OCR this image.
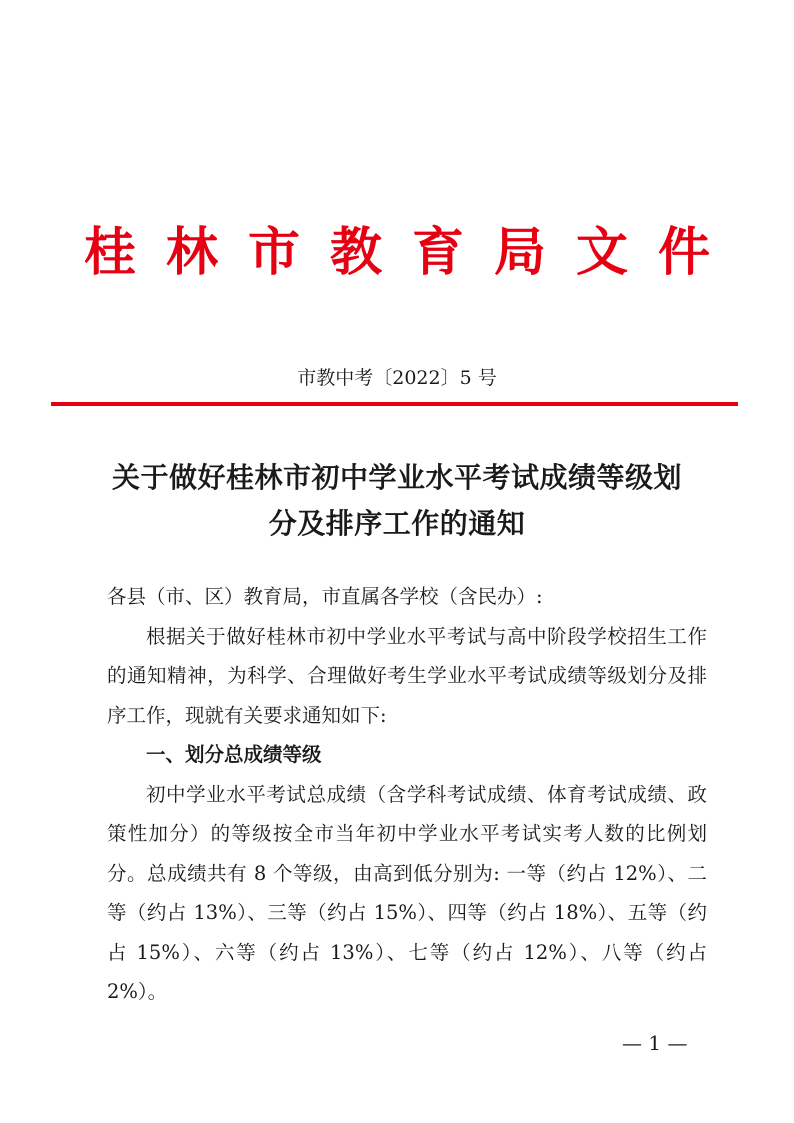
桂林市教育局文件
市教中考〔2022〕5 号
关于做好桂林市初中学业水平考试成绩等级划
分及排序工作的通知

各县（市、区）教育局，市直属各学校（含民办）:

根据关于做好桂林市初中学业水平考试与高中阶段学校招生工作的通知精神，为科学、合理做好考生学业水平考试成绩等级划分及排序工作，现就有关要求通知如下:

一、划分总成绩等级

初中学业水平考试总成绩（含学科考试成绩、体育考试成绩、政策性加分）的等级按全市当年初中学业水平考试实考人数的比例划分。总成绩共有 8 个等级，由高到低分别为: 一等（约占 12%）、二等（约占 13%）、三等（约占 15%）、四等（约占 18%）、五等（约占 15%）、六等（约占 13%）、七等（约占 12%）、八等（约占 2%）。

— 1 —
